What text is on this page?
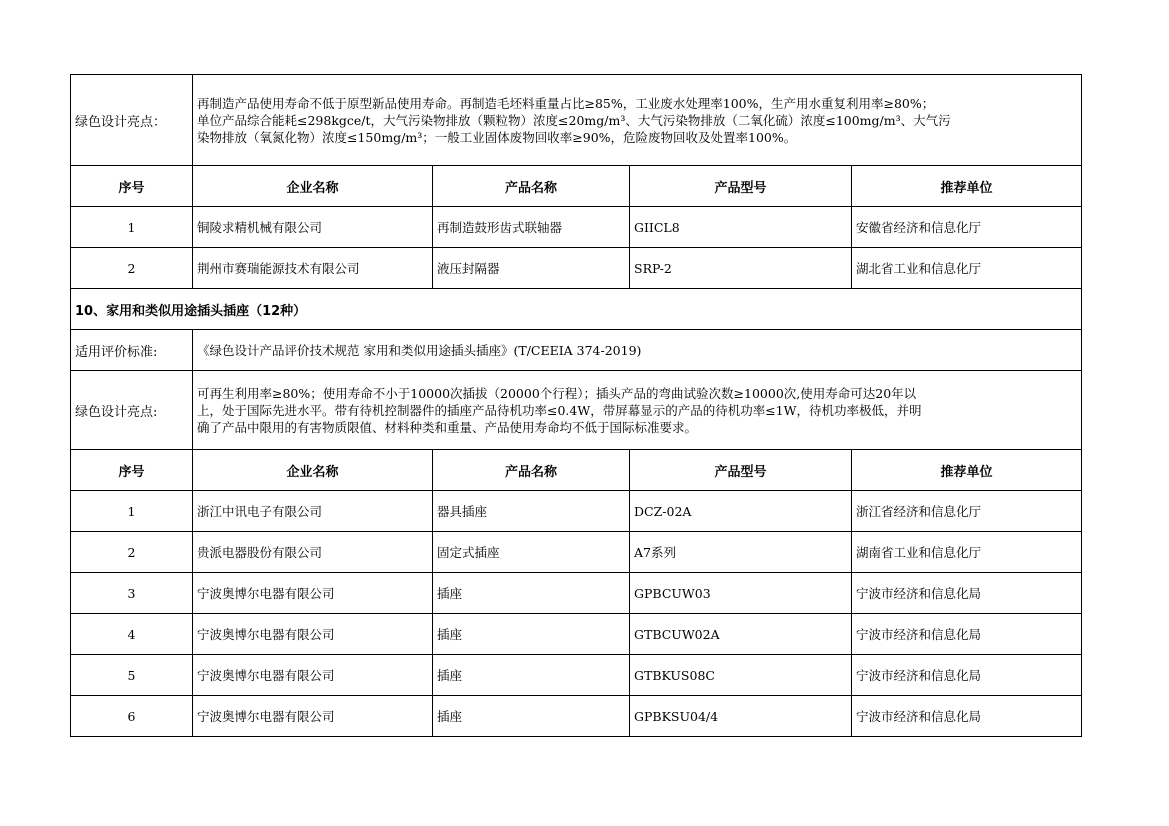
绿色设计亮点：	再制造产品使用寿命不低于原型新品使用寿命。再制造毛坯料重量占比≥85%，工业废水处理率100%，生产用水重复利用率≥80%；
单位产品综合能耗≤298kgce/t，大气污染物排放（颗粒物）浓度≤20mg/m³、大气污染物排放（二氧化硫）浓度≤100mg/m³、大气污
染物排放（氧氮化物）浓度≤150mg/m³；一般工业固体废物回收率≥90%，危险废物回收及处置率100%。			

序号	企业名称	产品名称	产品型号	推荐单位
1	铜陵求精机械有限公司	再制造鼓形齿式联轴器	GIICL8	安徽省经济和信息化厅
2	荆州市赛瑞能源技术有限公司	液压封隔器	SRP-2	湖北省工业和信息化厅
10、家用和类似用途插头插座（12种）				
适用评价标准:	《绿色设计产品评价技术规范 家用和类似用途插头插座》(T/CEEIA 374-2019)			
绿色设计亮点:	可再生利用率≥80%；使用寿命不小于10000次插拔（20000个行程）；插头产品的弯曲试验次数≥10000次,使用寿命可达20年以
上，处于国际先进水平。带有待机控制器件的插座产品待机功率≤0.4W，带屏幕显示的产品的待机功率≤1W，待机功率极低，并明
确了产品中限用的有害物质限值、材料种类和重量、产品使用寿命均不低于国际标准要求。			

序号	企业名称	产品名称	产品型号	推荐单位
1	浙江中讯电子有限公司	器具插座	DCZ-02A	浙江省经济和信息化厅
2	贵派电器股份有限公司	固定式插座	A7系列	湖南省工业和信息化厅
3	宁波奥博尔电器有限公司	插座	GPBCUW03	宁波市经济和信息化局
4	宁波奥博尔电器有限公司	插座	GTBCUW02A	宁波市经济和信息化局
5	宁波奥博尔电器有限公司	插座	GTBKUS08C	宁波市经济和信息化局
6	宁波奥博尔电器有限公司	插座	GPBKSU04/4	宁波市经济和信息化局
